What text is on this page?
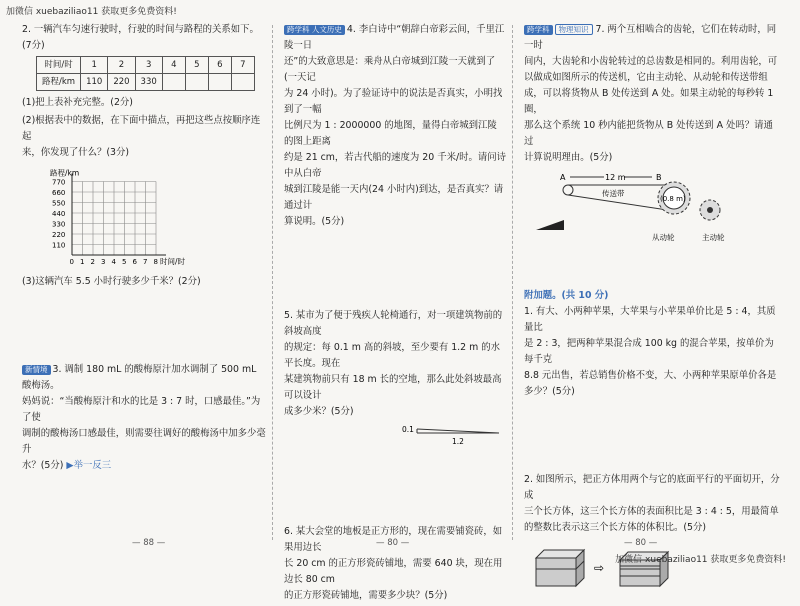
加微信 xuebaziliao11 获取更多免费资料!

2. 一辆汽车匀速行驶时，行驶的时间与路程的关系如下。(7分)

时间/时	1	2	3	4	5	6	7
路程/km	110	220	330				

(1)把上表补充完整。(2分)

(2)根据表中的数据，在下面中描点，再把这些点按顺序连起

来，你发现了什么？(3分)

0 1 2 3 4 5 6 7 8
110
220
330
440
550
660
770
路程/km
时间/时

(3)这辆汽车 5.5 小时行驶多少千米？(2分)

新情境 3. 调制 180 mL 的酸梅原汁加水调制了 500 mL 酸梅汤。

妈妈说：“当酸梅原汁和水的比是 3 : 7 时，口感最佳。”为了使

调制的酸梅汤口感最佳，则需要往调好的酸梅汤中加多少毫升

水？(5分) ▶举一反三

跨学科 人文历史 4. 李白诗中“朝辞白帝彩云间，千里江陵一日

还”的大致意思是：乘舟从白帝城到江陵一天就到了(一天记

为 24 小时)。为了验证诗中的说法是否真实，小明找到了一幅

比例尺为 1 : 2000000 的地图，量得白帝城到江陵的图上距离

约是 21 cm，若古代船的速度为 20 千米/时。请问诗中从白帝

城到江陵是能一天内(24 小时内)到达，是否真实？请通过计

算说明。(5分)

5. 某市为了便于残疾人轮椅通行，对一项建筑物前的斜坡高度

的规定：每 0.1 m 高的斜坡，至少要有 1.2 m 的水平长度。现在

某建筑物前只有 18 m 长的空地，那么此处斜坡最高可以设计

成多少米？(5分)

0.1
1.2

6. 某大会堂的地板是正方形的，现在需要铺瓷砖，如果用边长

长 20 cm 的正方形瓷砖铺地，需要 640 块，现在用边长 80 cm

的正方形瓷砖铺地，需要多少块？(5分)

跨学科 物理知识 7. 两个互相啮合的齿轮，它们在转动时，同一时

间内，大齿轮和小齿轮转过的总齿数是相同的。利用齿轮，可

以做成如图所示的传送机，它由主动轮、从动轮和传送带组

成，可以将货物从 B 处传送到 A 处。如果主动轮的每秒转 1 圈，

那么这个系统 10 秒内能把货物从 B 处传送到 A 处吗？请通过

计算说明理由。(5分)

A	B
12 m
传送带
(0.8 m)
从动轮	主动轮

附加题。(共 10 分)

1. 有大、小两种苹果，大苹果与小苹果单价比是 5 : 4，其质量比

是 2 : 3，把两种苹果混合成 100 kg 的混合苹果，按单价为每千克

8.8 元出售，若总销售价格不变，大、小两种苹果原单价各是

多少？(5分)

2. 如图所示，把正方体用两个与它的底面平行的平面切开，分成

三个长方体，这三个长方体的表面积比是 3 : 4 : 5，用最简单

的整数比表示这三个长方体的体积比。(5分)

⇨
— 88 —	— 80 —	— 80 —
加微信 xuebaziliao11 获取更多免费资料!
